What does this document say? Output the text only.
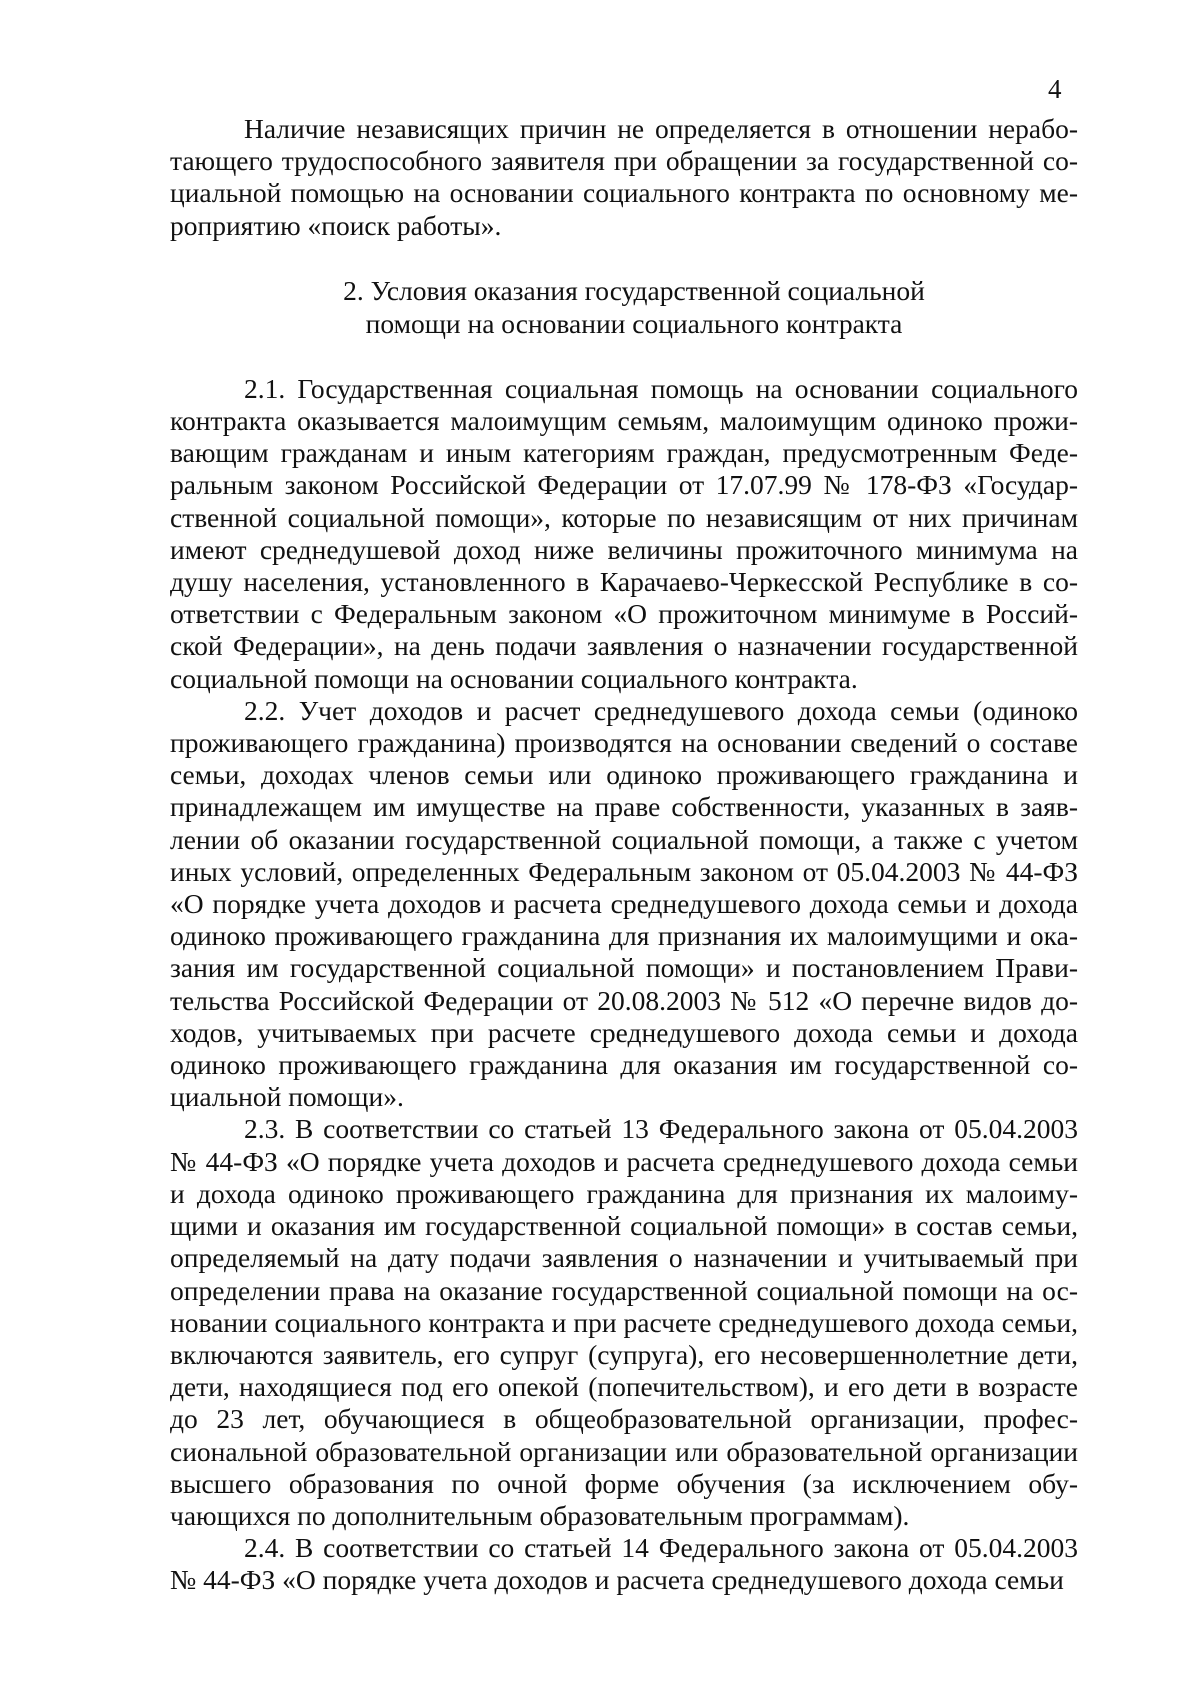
4

Наличие независящих причин не определяется в отношении неработающего трудоспособного заявителя при обращении за государственной социальной помощью на основании социального контракта по основному мероприятию «поиск работы».

2. Условия оказания государственной социальной
помощи на основании социального контракта

2.1. Государственная социальная помощь на основании социального контракта оказывается малоимущим семьям, малоимущим одиноко проживающим гражданам и иным категориям граждан, предусмотренным Федеральным законом Российской Федерации от 17.07.99 № 178-ФЗ «Государственной социальной помощи», которые по независящим от них причинам имеют среднедушевой доход ниже величины прожиточного минимума на душу населения, установленного в Карачаево-Черкесской Республике в соответствии с Федеральным законом «О прожиточном минимуме в Российской Федерации», на день подачи заявления о назначении государственной социальной помощи на основании социального контракта.

2.2. Учет доходов и расчет среднедушевого дохода семьи (одиноко проживающего гражданина) производятся на основании сведений о составе семьи, доходах членов семьи или одиноко проживающего гражданина и принадлежащем им имуществе на праве собственности, указанных в заявлении об оказании государственной социальной помощи, а также с учетом иных условий, определенных Федеральным законом от 05.04.2003 № 44-ФЗ «О порядке учета доходов и расчета среднедушевого дохода семьи и дохода одиноко проживающего гражданина для признания их малоимущими и оказания им государственной социальной помощи» и постановлением Правительства Российской Федерации от 20.08.2003 № 512 «О перечне видов доходов, учитываемых при расчете среднедушевого дохода семьи и дохода одиноко проживающего гражданина для оказания им государственной социальной помощи».

2.3. В соответствии со статьей 13 Федерального закона от 05.04.2003 № 44-ФЗ «О порядке учета доходов и расчета среднедушевого дохода семьи и дохода одиноко проживающего гражданина для признания их малоимущими и оказания им государственной социальной помощи» в состав семьи, определяемый на дату подачи заявления о назначении и учитываемый при определении права на оказание государственной социальной помощи на основании социального контракта и при расчете среднедушевого дохода семьи, включаются заявитель, его супруг (супруга), его несовершеннолетние дети, дети, находящиеся под его опекой (попечительством), и его дети в возрасте до 23 лет, обучающиеся в общеобразовательной организации, профессиональной образовательной организации или образовательной организации высшего образования по очной форме обучения (за исключением обучающихся по дополнительным образовательным программам).

2.4. В соответствии со статьей 14 Федерального закона от 05.04.2003 № 44-ФЗ «О порядке учета доходов и расчета среднедушевого дохода семьи
